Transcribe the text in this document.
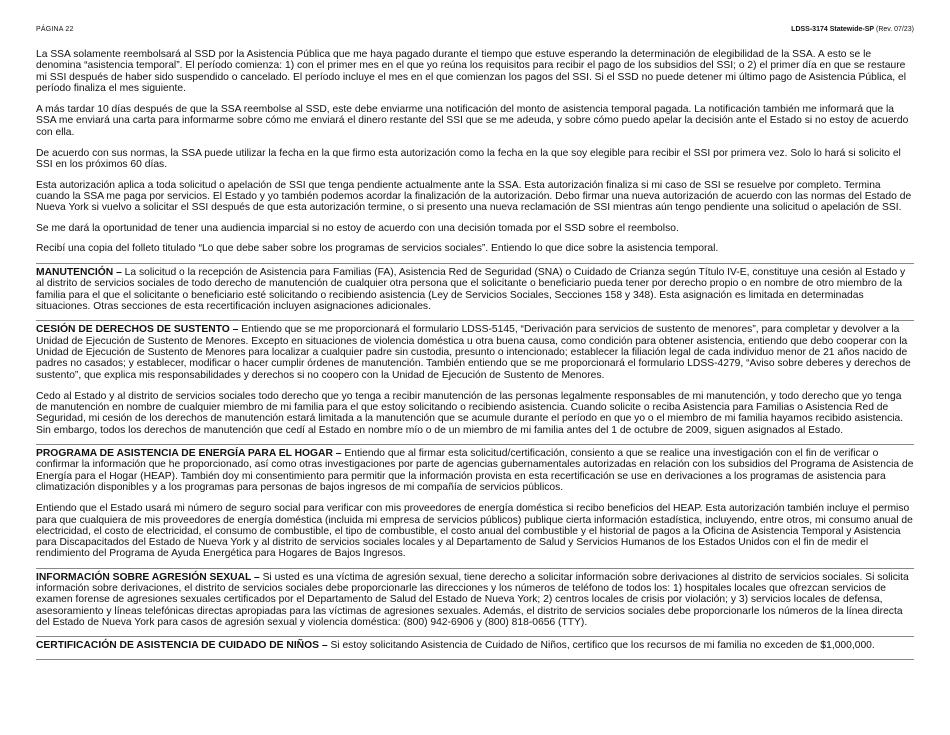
PÁGINA 22	LDSS-3174 Statewide-SP (Rev. 07/23)

La SSA solamente reembolsará al SSD por la Asistencia Pública que me haya pagado durante el tiempo que estuve esperando la determinación de elegibilidad de la SSA. A esto se le denomina “asistencia temporal”. El período comienza: 1) con el primer mes en el que yo reúna los requisitos para recibir el pago de los subsidios del SSI; o 2) el primer día en que se restaure mi SSI después de haber sido suspendido o cancelado. El período incluye el mes en el que comienzan los pagos del SSI. Si el SSD no puede detener mi último pago de Asistencia Pública, el período finaliza el mes siguiente.

A más tardar 10 días después de que la SSA reembolse al SSD, este debe enviarme una notificación del monto de asistencia temporal pagada. La notificación también me informará que la SSA me enviará una carta para informarme sobre cómo me enviará el dinero restante del SSI que se me adeuda, y sobre cómo puedo apelar la decisión ante el Estado si no estoy de acuerdo con ella.

De acuerdo con sus normas, la SSA puede utilizar la fecha en la que firmo esta autorización como la fecha en la que soy elegible para recibir el SSI por primera vez. Solo lo hará si solicito el SSI en los próximos 60 días.

Esta autorización aplica a toda solicitud o apelación de SSI que tenga pendiente actualmente ante la SSA. Esta autorización finaliza si mi caso de SSI se resuelve por completo. Termina cuando la SSA me paga por servicios. El Estado y yo también podemos acordar la finalización de la autorización. Debo firmar una nueva autorización de acuerdo con las normas del Estado de Nueva York si vuelvo a solicitar el SSI después de que esta autorización termine, o si presento una nueva reclamación de SSI mientras aún tengo pendiente una solicitud o apelación de SSI.

Se me dará la oportunidad de tener una audiencia imparcial si no estoy de acuerdo con una decisión tomada por el SSD sobre el reembolso.

Recibí una copia del folleto titulado “Lo que debe saber sobre los programas de servicios sociales”. Entiendo lo que dice sobre la asistencia temporal.

MANUTENCIÓN – La solicitud o la recepción de Asistencia para Familias (FA), Asistencia Red de Seguridad (SNA) o Cuidado de Crianza según Título IV-E, constituye una cesión al Estado y al distrito de servicios sociales de todo derecho de manutención de cualquier otra persona que el solicitante o beneficiario pueda tener por derecho propio o en nombre de otro miembro de la familia para el que el solicitante o beneficiario esté solicitando o recibiendo asistencia (Ley de Servicios Sociales, Secciones 158 y 348). Esta asignación es limitada en determinadas situaciones. Otras secciones de esta recertificación incluyen asignaciones adicionales.

CESIÓN DE DERECHOS DE SUSTENTO – Entiendo que se me proporcionará el formulario LDSS-5145, “Derivación para servicios de sustento de menores”, para completar y devolver a la Unidad de Ejecución de Sustento de Menores. Excepto en situaciones de violencia doméstica u otra buena causa, como condición para obtener asistencia, entiendo que debo cooperar con la Unidad de Ejecución de Sustento de Menores para localizar a cualquier padre sin custodia, presunto o intencionado; establecer la filiación legal de cada individuo menor de 21 años nacido de padres no casados; y establecer, modificar o hacer cumplir órdenes de manutención. También entiendo que se me proporcionará el formulario LDSS-4279, “Aviso sobre deberes y derechos de sustento”, que explica mis responsabilidades y derechos si no coopero con la Unidad de Ejecución de Sustento de Menores.

Cedo al Estado y al distrito de servicios sociales todo derecho que yo tenga a recibir manutención de las personas legalmente responsables de mi manutención, y todo derecho que yo tenga de manutención en nombre de cualquier miembro de mi familia para el que estoy solicitando o recibiendo asistencia. Cuando solicite o reciba Asistencia para Familias o Asistencia Red de Seguridad, mi cesión de los derechos de manutención estará limitada a la manutención que se acumule durante el período en que yo o el miembro de mi familia hayamos recibido asistencia. Sin embargo, todos los derechos de manutención que cedí al Estado en nombre mío o de un miembro de mi familia antes del 1 de octubre de 2009, siguen asignados al Estado.

PROGRAMA DE ASISTENCIA DE ENERGÍA PARA EL HOGAR – Entiendo que al firmar esta solicitud/certificación, consiento a que se realice una investigación con el fin de verificar o confirmar la información que he proporcionado, así como otras investigaciones por parte de agencias gubernamentales autorizadas en relación con los subsidios del Programa de Asistencia de Energía para el Hogar (HEAP). También doy mi consentimiento para permitir que la información provista en esta recertificación se use en derivaciones a los programas de asistencia para climatización disponibles y a los programas para personas de bajos ingresos de mi compañía de servicios públicos.

Entiendo que el Estado usará mi número de seguro social para verificar con mis proveedores de energía doméstica si recibo beneficios del HEAP. Esta autorización también incluye el permiso para que cualquiera de mis proveedores de energía doméstica (incluida mi empresa de servicios públicos) publique cierta información estadística, incluyendo, entre otros, mi consumo anual de electricidad, el costo de electricidad, el consumo de combustible, el tipo de combustible, el costo anual del combustible y el historial de pagos a la Oficina de Asistencia Temporal y Asistencia para Discapacitados del Estado de Nueva York y al distrito de servicios sociales locales y al Departamento de Salud y Servicios Humanos de los Estados Unidos con el fin de medir el rendimiento del Programa de Ayuda Energética para Hogares de Bajos Ingresos.

INFORMACIÓN SOBRE AGRESIÓN SEXUAL – Si usted es una víctima de agresión sexual, tiene derecho a solicitar información sobre derivaciones al distrito de servicios sociales. Si solicita información sobre derivaciones, el distrito de servicios sociales debe proporcionarle las direcciones y los números de teléfono de todos los: 1) hospitales locales que ofrezcan servicios de examen forense de agresiones sexuales certificados por el Departamento de Salud del Estado de Nueva York; 2) centros locales de crisis por violación; y 3) servicios locales de defensa, asesoramiento y líneas telefónicas directas apropiadas para las víctimas de agresiones sexuales. Además, el distrito de servicios sociales debe proporcionarle los números de la línea directa del Estado de Nueva York para casos de agresión sexual y violencia doméstica: (800) 942-6906 y (800) 818-0656 (TTY).

CERTIFICACIÓN DE ASISTENCIA DE CUIDADO DE NIÑOS – Si estoy solicitando Asistencia de Cuidado de Niños, certifico que los recursos de mi familia no exceden de $1,000,000.
